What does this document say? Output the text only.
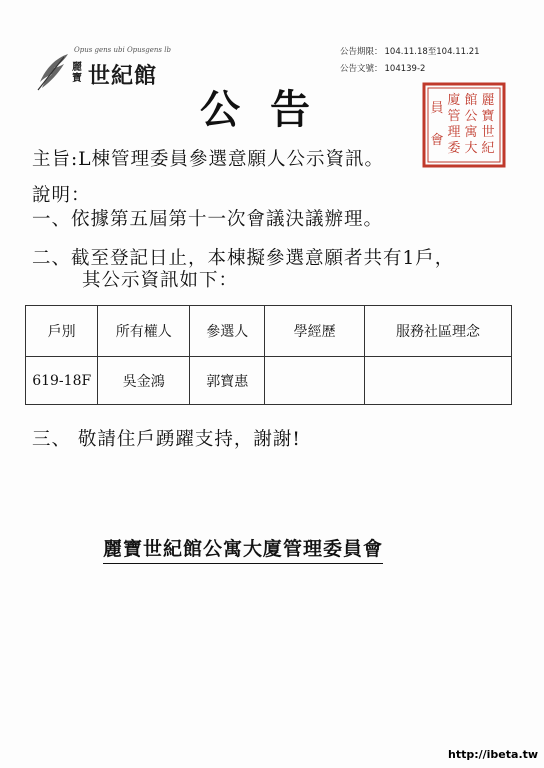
Opus gens ubi Opusgens lb
麗寶 世紀館
公告期限： 104.11.18至104.11.21
公告文號： 104139-2
公告	麗
寶
世
紀
館
公
寓
大
廈
管
理
委
員
會
主旨:L棟管理委員參選意願人公示資訊。
說明：
一、依據第五屆第十一次會議決議辦理。
二、截至登記日止，本棟擬參選意願者共有1戶，
其公示資訊如下：
戶別	所有權人	參選人	學經歷	服務社區理念
619-18F	吳金鴻	郭寶惠		
三、 敬請住戶踴躍支持，謝謝!
麗寶世紀館公寓大廈管理委員會
http://ibeta.tw
